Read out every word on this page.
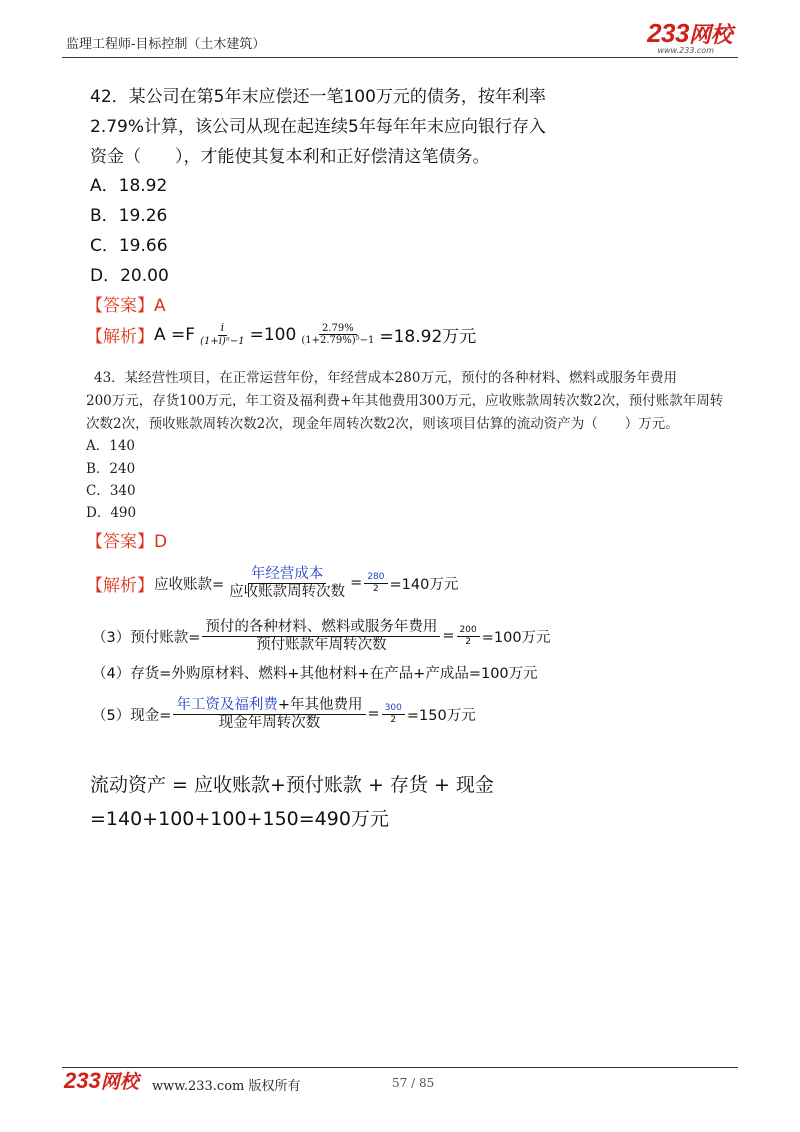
监理工程师-目标控制（土木建筑）	233网校
www.233.com
42．某公司在第5年末应偿还一笔100万元的债务，按年利率
2.79%计算，该公司从现在起连续5年每年年末应向银行存入
资金（　　），才能使其复本利和正好偿清这笔债务。
A．18.92
B．19.26
C．19.66
D．20.00
【答案】A
【解析】 $A =F \frac{i}{\text{(1+i)ⁿ−1}} =100 \frac{2.79\%}{\text{(1+2.79\%)⁵−1}} =18.92$万元
43．某经营性项目，在正常运营年份，年经营成本280万元，预付的各种材料、燃料或服务年费用
200万元，存货100万元，年工资及福利费+年其他费用300万元，应收账款周转次数2次，预付账款年周转
次数2次，预收账款周转次数2次，现金年周转次数2次，则该项目估算的流动资产为（　　）万元。
A．140
B．240
C．340
D．490
【答案】D
【解析】 应收账款= $\frac{\text{年经营成本}}{\text{应收账款周转次数}} = \frac{280}{2} =140$万元
（3）预付账款= $\frac{\text{预付的各种材料、燃料或服务年费用}}{\text{预付账款年周转次数}} = \frac{200}{2} =100$万元
（4）存货=外购原材料、燃料+其他材料+在产品+产成品=100万元
（5）现金= $\frac{\text{年工资及福利费+年其他费用}}{\text{现金年周转次数}} = \frac{300}{2} =150$万元
流动资产 = 应收账款+预付账款 + 存货 + 现金
=140+100+100+150=490万元
233网校 www.233.com 版权所有	57 / 85
